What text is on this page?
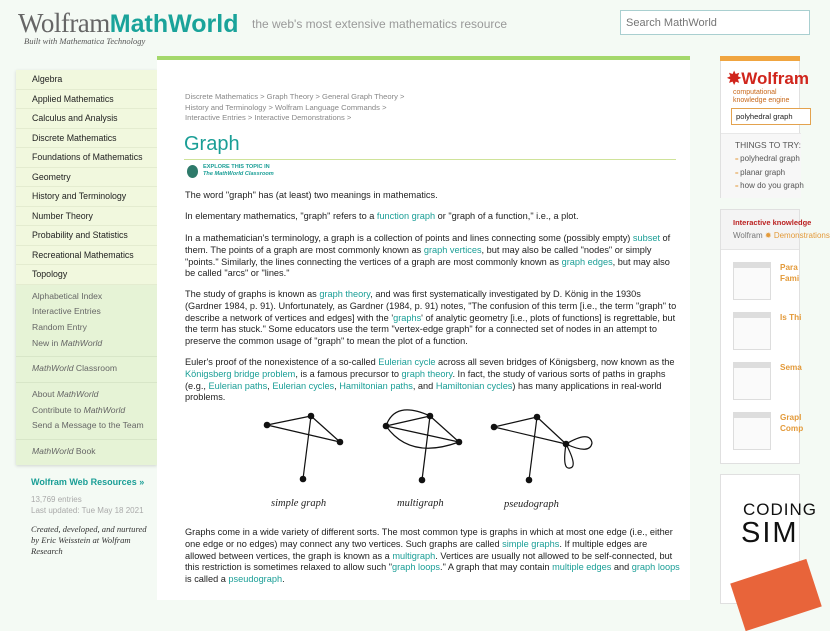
WolframMathWorld
Built with Mathematica Technology
the web's most extensive mathematics resource
Search MathWorld
Algebra
Applied Mathematics
Calculus and Analysis
Discrete Mathematics
Foundations of Mathematics
Geometry
History and Terminology
Number Theory
Probability and Statistics
Recreational Mathematics
Topology
Alphabetical Index
Interactive Entries
Random Entry
New in MathWorld
MathWorld Classroom
About MathWorld
Contribute to MathWorld
Send a Message to the Team
MathWorld Book
Wolfram Web Resources »
13,769 entries
Last updated: Tue May 18 2021
Created, developed, and nurtured by Eric Weisstein at Wolfram Research
Discrete Mathematics > Graph Theory > General Graph Theory >
History and Terminology > Wolfram Language Commands >
Interactive Entries > Interactive Demonstrations >
Graph
EXPLORE THIS TOPIC IN
The MathWorld Classroom
The word "graph" has (at least) two meanings in mathematics.
In elementary mathematics, "graph" refers to a function graph or "graph of a function," i.e., a plot.
In a mathematician's terminology, a graph is a collection of points and lines connecting some (possibly empty) subset of them. The points of a graph are most commonly known as graph vertices, but may also be called "nodes" or simply "points." Similarly, the lines connecting the vertices of a graph are most commonly known as graph edges, but may also be called "arcs" or "lines."
The study of graphs is known as graph theory, and was first systematically investigated by D. König in the 1930s (Gardner 1984, p. 91). Unfortunately, as Gardner (1984, p. 91) notes, "The confusion of this term [i.e., the term "graph" to describe a network of vertices and edges] with the 'graphs' of analytic geometry [i.e., plots of functions] is regrettable, but the term has stuck." Some educators use the term "vertex-edge graph" for a connected set of nodes in an attempt to preserve the common usage of "graph" to mean the plot of a function.
Euler's proof of the nonexistence of a so-called Eulerian cycle across all seven bridges of Königsberg, now known as the Königsberg bridge problem, is a famous precursor to graph theory. In fact, the study of various sorts of paths in graphs (e.g., Eulerian paths, Eulerian cycles, Hamiltonian paths, and Hamiltonian cycles) has many applications in real-world problems.
Graphs come in a wide variety of different sorts. The most common type is graphs in which at most one edge (i.e., either one edge or no edges) may connect any two vertices. Such graphs are called simple graphs. If multiple edges are allowed between vertices, the graph is known as a multigraph. Vertices are usually not allowed to be self-connected, but this restriction is sometimes relaxed to allow such "graph loops." A graph that may contain multiple edges and graph loops is called a pseudograph.
simple graph	multigraph	pseudograph
✸Wolfram
computational knowledge engine
polyhedral graph
THINGS TO TRY:
= polyhedral graph
= planar graph
= how do you graph
Interactive knowledge
Wolfram ✹ Demonstrations
Para
Fami
Is Thi
Sema
Grapl
Comp
CODING
SIM
